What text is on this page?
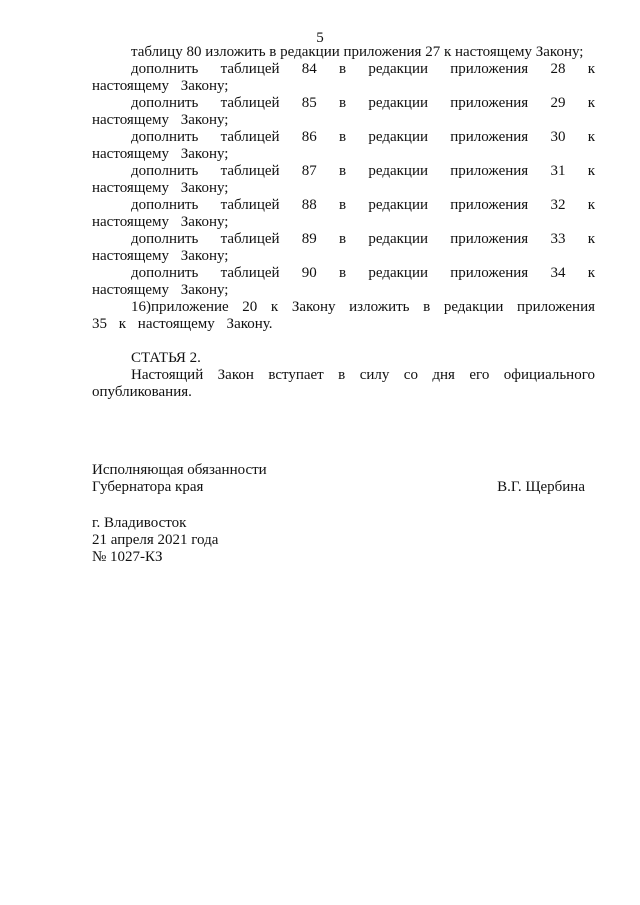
5

таблицу 80 изложить в редакции приложения 27 к настоящему Закону;

дополнить таблицей 84 в редакции приложения 28 к настоящему Закону;

дополнить таблицей 85 в редакции приложения 29 к настоящему Закону;

дополнить таблицей 86 в редакции приложения 30 к настоящему Закону;

дополнить таблицей 87 в редакции приложения 31 к настоящему Закону;

дополнить таблицей 88 в редакции приложения 32 к настоящему Закону;

дополнить таблицей 89 в редакции приложения 33 к настоящему Закону;

дополнить таблицей 90 в редакции приложения 34 к настоящему Закону;

16)приложение 20 к Закону изложить в редакции приложения 35 к настоящему Закону.

СТАТЬЯ 2.

Настоящий Закон вступает в силу со дня его официального опубликования.

Исполняющая обязанности
Губернатора края	В.Г. Щербина
г. Владивосток
21 апреля 2021 года
№ 1027-КЗ
